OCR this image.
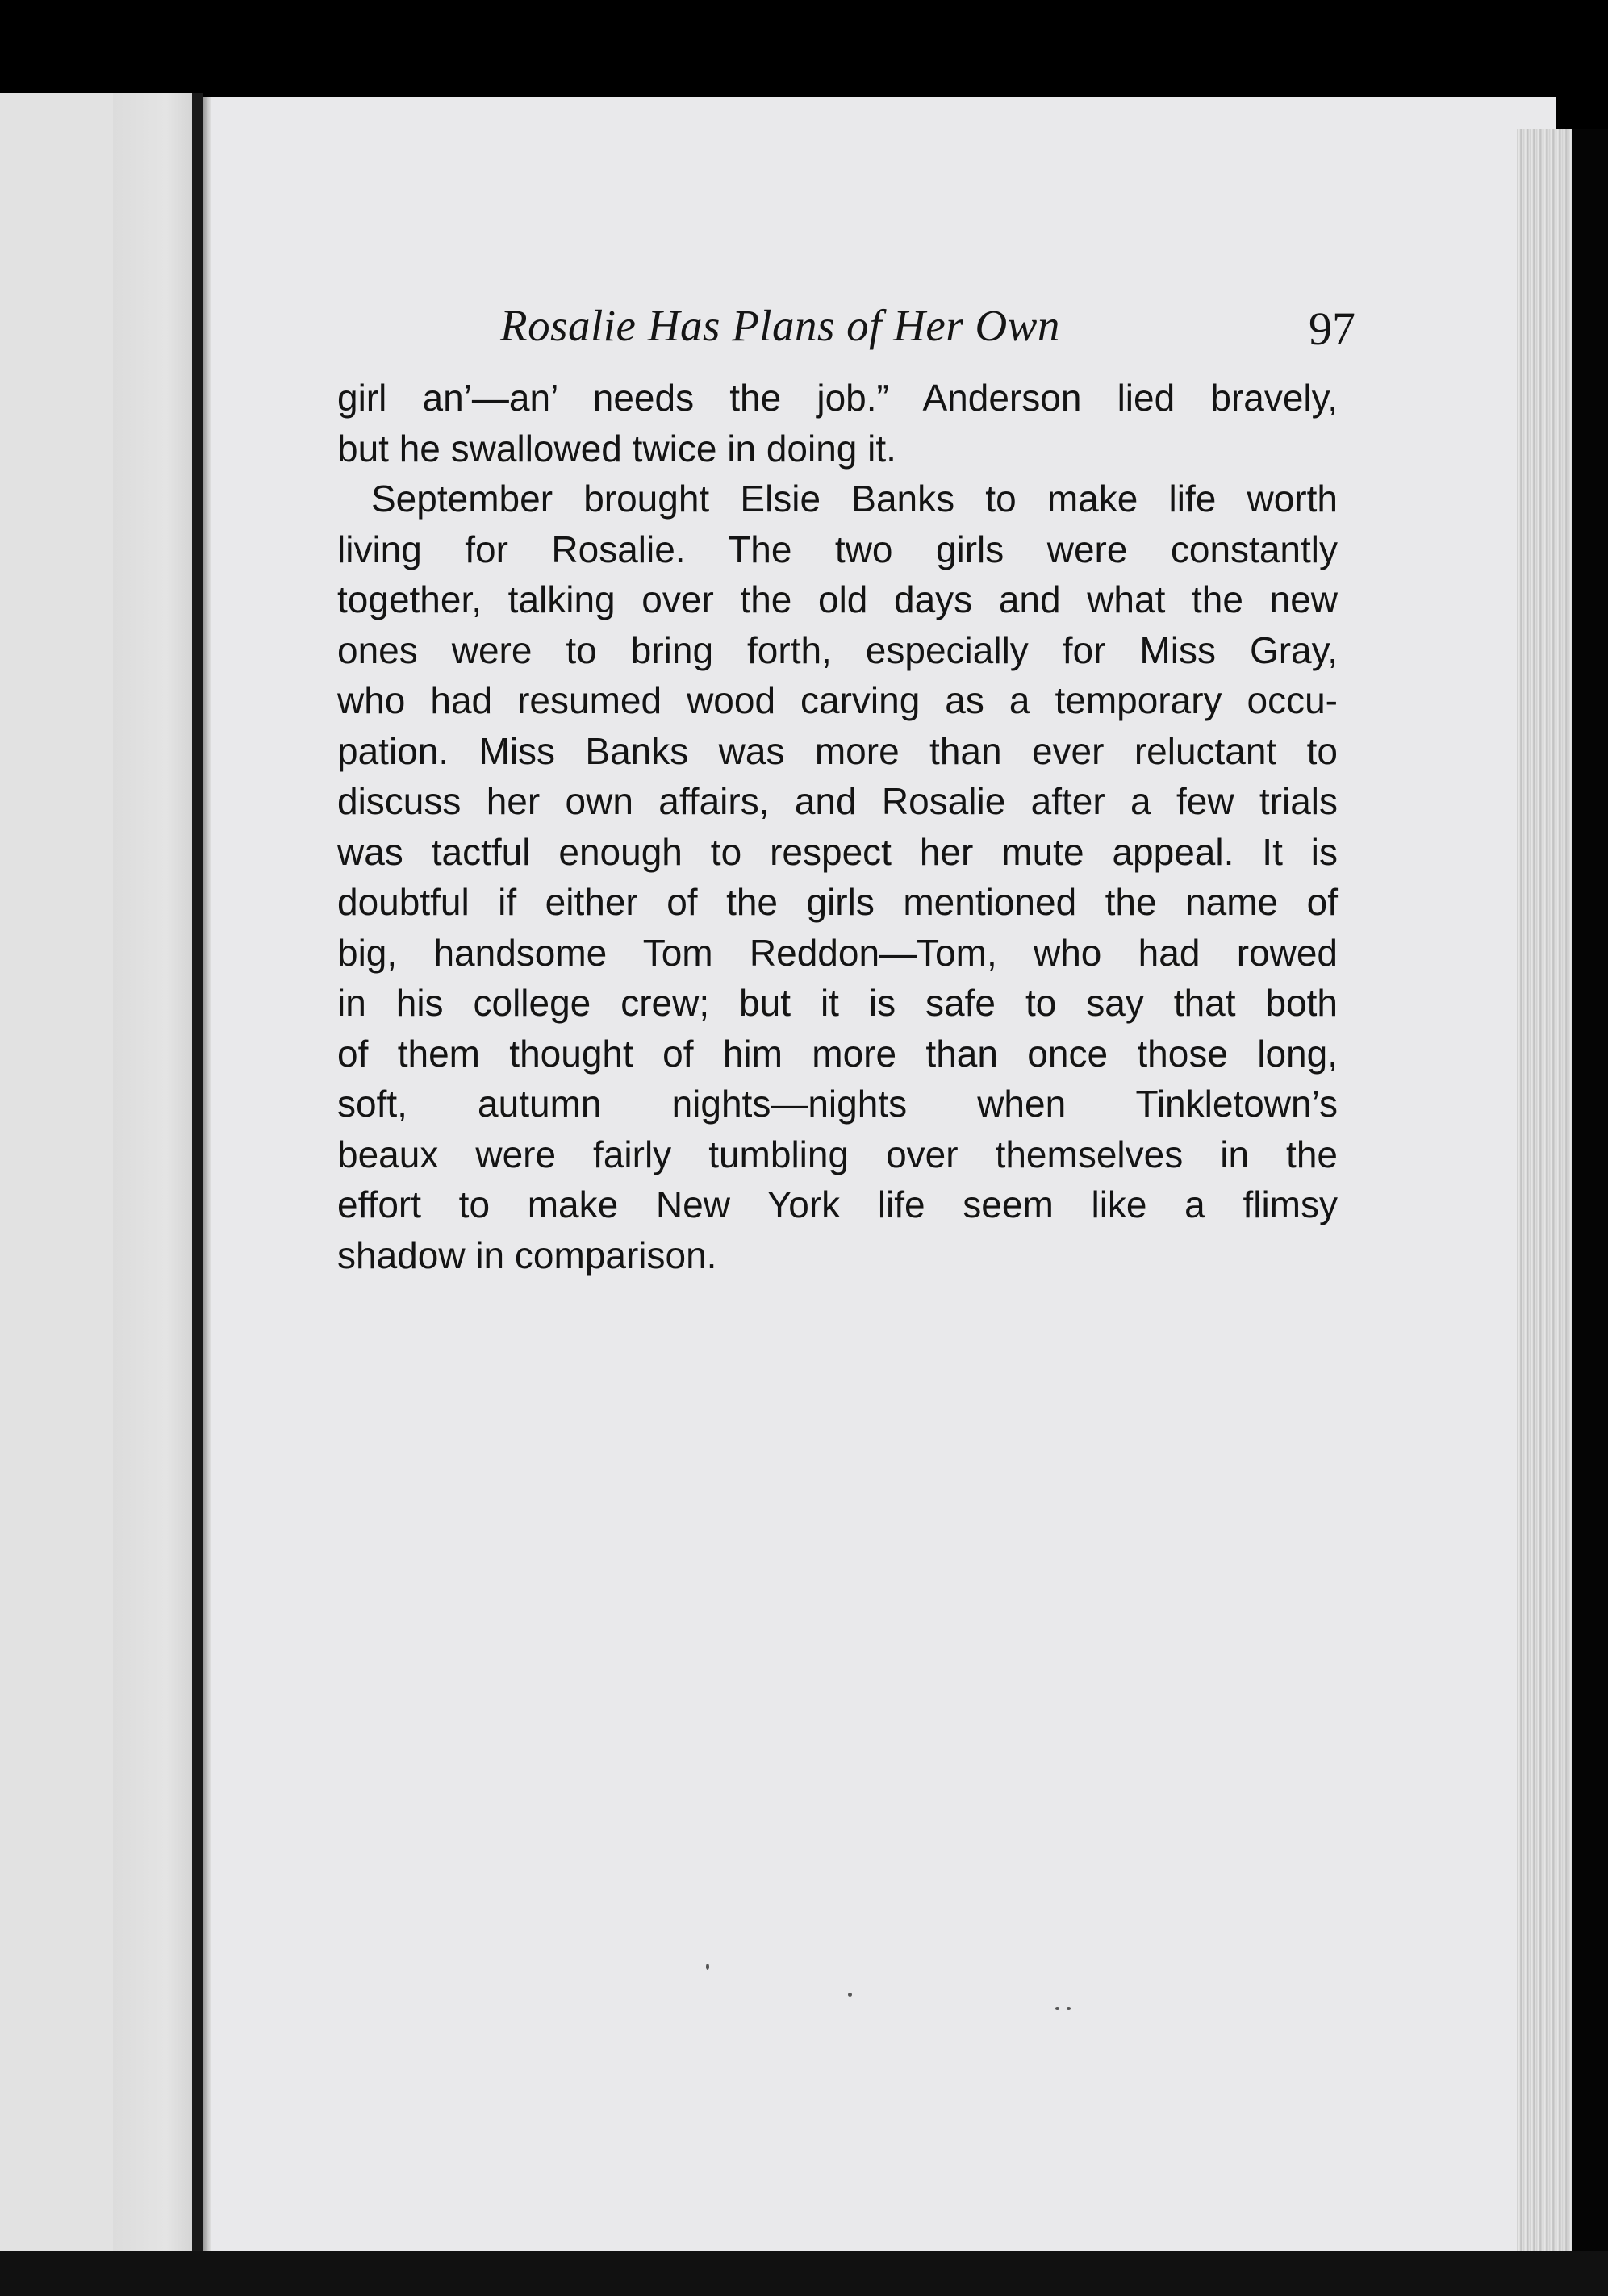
Rosalie Has Plans of Her Own	97
girl an’—an’ needs the job.” Anderson lied bravely,
but he swallowed twice in doing it.
September brought Elsie Banks to make life worth
living for Rosalie. The two girls were constantly
together, talking over the old days and what the new
ones were to bring forth, especially for Miss Gray,
who had resumed wood carving as a temporary occu-
pation. Miss Banks was more than ever reluctant to
discuss her own affairs, and Rosalie after a few trials
was tactful enough to respect her mute appeal. It is
doubtful if either of the girls mentioned the name of
big, handsome Tom Reddon—Tom, who had rowed
in his college crew; but it is safe to say that both
of them thought of him more than once those long,
soft, autumn nights—nights when Tinkletown’s
beaux were fairly tumbling over themselves in the
effort to make New York life seem like a flimsy
shadow in comparison.
